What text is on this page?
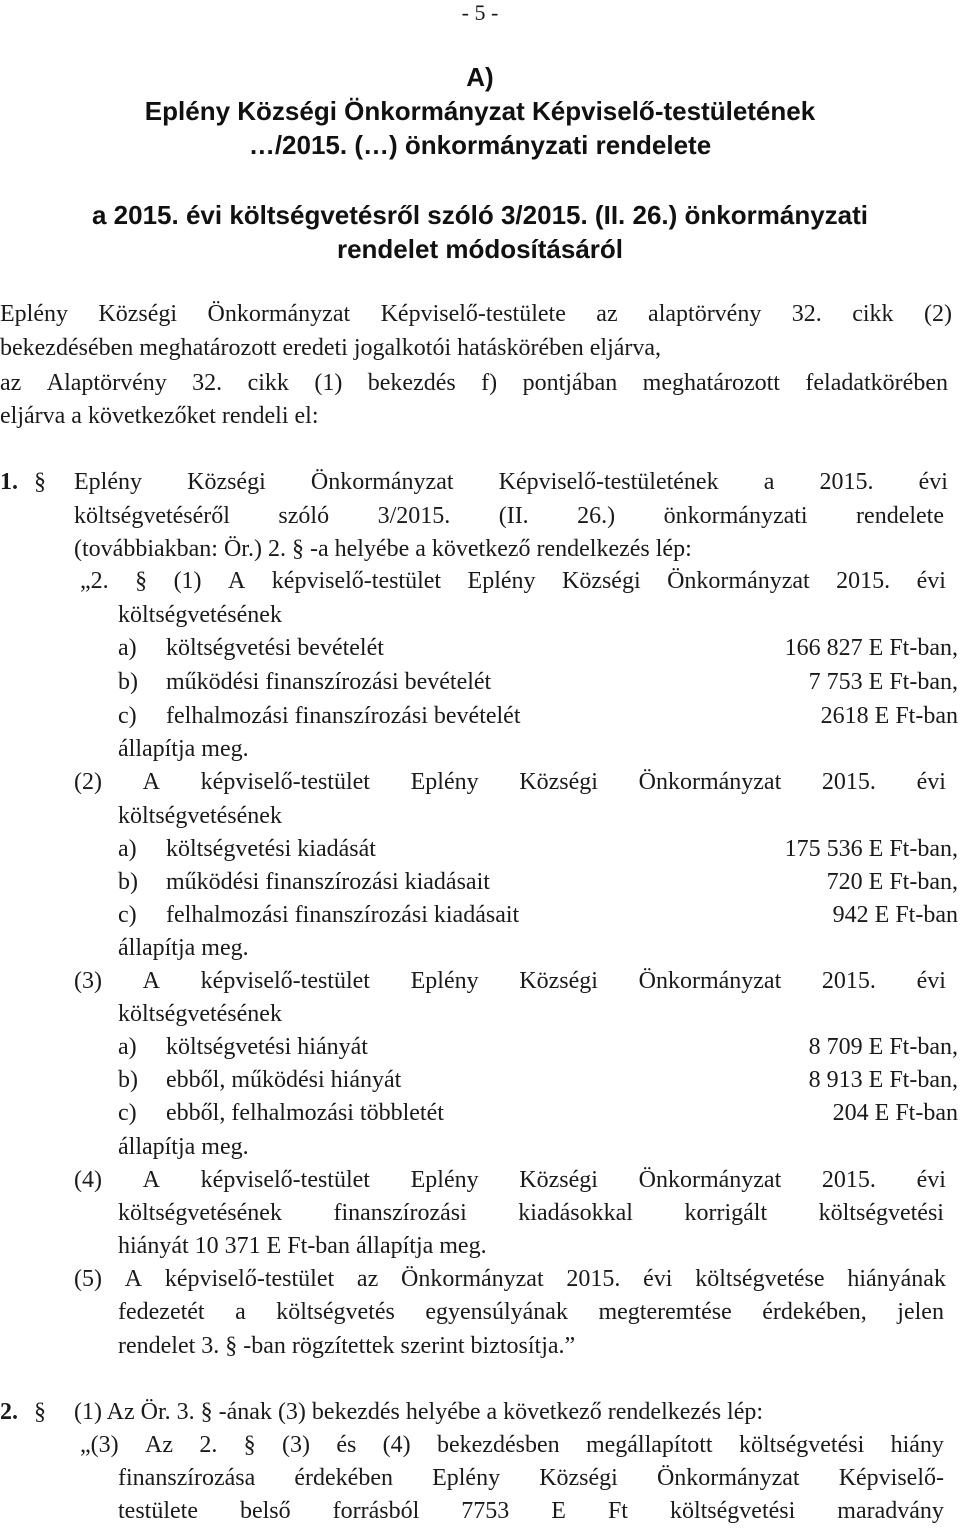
- 5 -
A)
Eplény Községi Önkormányzat Képviselő-testületének
…/2015. (…) önkormányzati rendelete
a 2015. évi költségvetésről szóló 3/2015. (II. 26.) önkormányzati
rendelet módosításáról
Eplény Községi Önkormányzat Képviselő-testülete az alaptörvény 32. cikk (2)
bekezdésében meghatározott eredeti jogalkotói hatáskörében eljárva,
az Alaptörvény 32. cikk (1) bekezdés f) pontjában meghatározott feladatkörében
eljárva a következőket rendeli el:
1. § Eplény Községi Önkormányzat Képviselő-testületének a 2015. évi
költségvetéséről szóló 3/2015. (II. 26.) önkormányzati rendelete
(továbbiakban: Ör.) 2. § -a helyébe a következő rendelkezés lép:
„2. § (1) A képviselő-testület Eplény Községi Önkormányzat 2015. évi
költségvetésének
a) költségvetési bevételét	166 827 E Ft-ban,
b) működési finanszírozási bevételét	7 753 E Ft-ban,
c) felhalmozási finanszírozási bevételét	2618 E Ft-ban
állapítja meg.
(2) A képviselő-testület Eplény Községi Önkormányzat 2015. évi
költségvetésének
a) költségvetési kiadását	175 536 E Ft-ban,
b) működési finanszírozási kiadásait	720 E Ft-ban,
c) felhalmozási finanszírozási kiadásait	942 E Ft-ban
állapítja meg.
(3) A képviselő-testület Eplény Községi Önkormányzat 2015. évi
költségvetésének
a) költségvetési hiányát	8 709 E Ft-ban,
b) ebből, működési hiányát	8 913 E Ft-ban,
c) ebből, felhalmozási többletét	204 E Ft-ban
állapítja meg.
(4) A képviselő-testület Eplény Községi Önkormányzat 2015. évi
költségvetésének finanszírozási kiadásokkal korrigált költségvetési
hiányát 10 371 E Ft-ban állapítja meg.
(5) A képviselő-testület az Önkormányzat 2015. évi költségvetése hiányának
fedezetét a költségvetés egyensúlyának megteremtése érdekében, jelen
rendelet 3. § -ban rögzítettek szerint biztosítja.”
2. § (1) Az Ör. 3. § -ának (3) bekezdés helyébe a következő rendelkezés lép:
„(3) Az 2. § (3) és (4) bekezdésben megállapított költségvetési hiány
finanszírozása érdekében Eplény Községi Önkormányzat Képviselő-
testülete belső forrásból 7753 E Ft költségvetési maradvány
